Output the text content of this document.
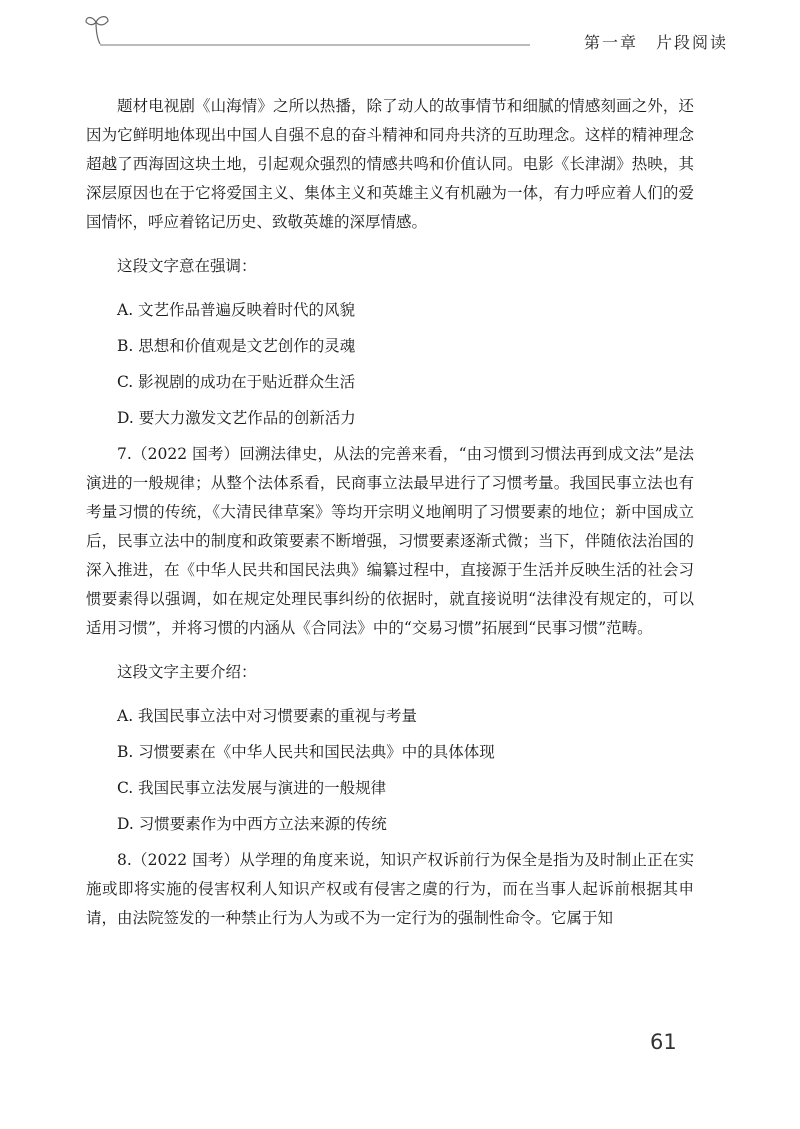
第一章 片段阅读

题材电视剧《山海情》之所以热播，除了动人的故事情节和细腻的情感刻画之外，还因为它鲜明地体现出中国人自强不息的奋斗精神和同舟共济的互助理念。这样的精神理念超越了西海固这块土地，引起观众强烈的情感共鸣和价值认同。电影《长津湖》热映，其深层原因也在于它将爱国主义、集体主义和英雄主义有机融为一体，有力呼应着人们的爱国情怀，呼应着铭记历史、致敬英雄的深厚情感。

这段文字意在强调：

A. 文艺作品普遍反映着时代的风貌

B. 思想和价值观是文艺创作的灵魂

C. 影视剧的成功在于贴近群众生活

D. 要大力激发文艺作品的创新活力

7.（2022 国考）回溯法律史，从法的完善来看，“由习惯到习惯法再到成文法”是法演进的一般规律；从整个法体系看，民商事立法最早进行了习惯考量。我国民事立法也有考量习惯的传统，《大清民律草案》等均开宗明义地阐明了习惯要素的地位；新中国成立后，民事立法中的制度和政策要素不断增强，习惯要素逐渐式微；当下，伴随依法治国的深入推进，在《中华人民共和国民法典》编纂过程中，直接源于生活并反映生活的社会习惯要素得以强调，如在规定处理民事纠纷的依据时，就直接说明“法律没有规定的，可以适用习惯”，并将习惯的内涵从《合同法》中的“交易习惯”拓展到“民事习惯”范畴。

这段文字主要介绍：

A. 我国民事立法中对习惯要素的重视与考量

B. 习惯要素在《中华人民共和国民法典》中的具体体现

C. 我国民事立法发展与演进的一般规律

D. 习惯要素作为中西方立法来源的传统

8.（2022 国考）从学理的角度来说，知识产权诉前行为保全是指为及时制止正在实施或即将实施的侵害权利人知识产权或有侵害之虞的行为，而在当事人起诉前根据其申请，由法院签发的一种禁止行为人为或不为一定行为的强制性命令。它属于知

61
